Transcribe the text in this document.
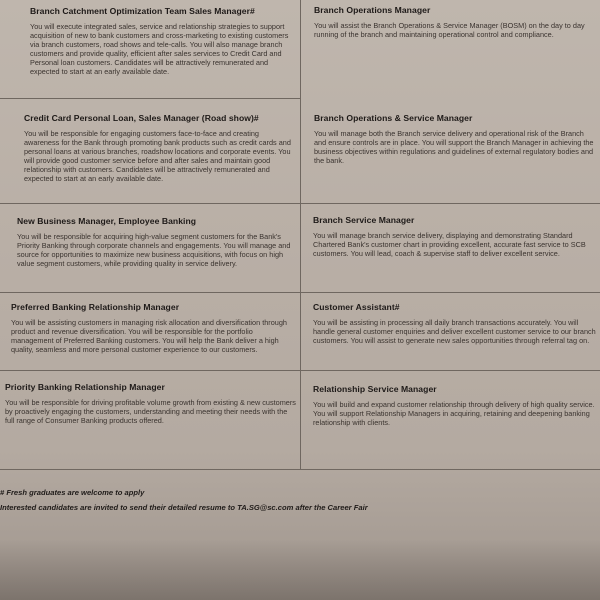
Branch Catchment Optimization Team Sales Manager#

You will execute integrated sales, service and relationship strategies to support acquisition of new to bank customers and cross-marketing to existing customers via branch customers, road shows and tele-calls. You will also manage branch customers and provide quality, efficient after sales services to Credit Card and Personal loan customers. Candidates will be attractively remunerated and expected to start at an early available date.

Branch Operations Manager

You will assist the Branch Operations & Service Manager (BOSM) on the day to day running of the branch and maintaining operational control and compliance.

Credit Card Personal Loan, Sales Manager (Road show)#

You will be responsible for engaging customers face-to-face and creating awareness for the Bank through promoting bank products such as credit cards and personal loans at various branches, roadshow locations and corporate events. You will provide good customer service before and after sales and maintain good relationship with customers. Candidates will be attractively remunerated and expected to start at an early available date.

Branch Operations & Service Manager

You will manage both the Branch service delivery and operational risk of the Branch and ensure controls are in place. You will support the Branch Manager in achieving the business objectives within regulations and guidelines of external regulatory bodies and the bank.

New Business Manager, Employee Banking

You will be responsible for acquiring high-value segment customers for the Bank's Priority Banking through corporate channels and engagements. You will manage and source for opportunities to maximize new business acquisitions, with focus on high value segment customers, while providing quality in service delivery.

Branch Service Manager

You will manage branch service delivery, displaying and demonstrating Standard Chartered Bank's customer chart in providing excellent, accurate fast service to SCB customers. You will lead, coach & supervise staff to deliver excellent service.

Preferred Banking Relationship Manager

You will be assisting customers in managing risk allocation and diversification through product and revenue diversification. You will be responsible for the portfolio management of Preferred Banking customers. You will help the Bank deliver a high quality, seamless and more personal customer experience to our customers.

Customer Assistant#

You will be assisting in processing all daily branch transactions accurately. You will handle general customer enquiries and deliver excellent customer service to our branch customers. You will assist to generate new sales opportunities through referral tag on.

Priority Banking Relationship Manager

You will be responsible for driving profitable volume growth from existing & new customers by proactively engaging the customers, understanding and meeting their needs with the full range of Consumer Banking products offered.

Relationship Service Manager

You will build and expand customer relationship through delivery of high quality service. You will support Relationship Managers in acquiring, retaining and deepening banking relationship with clients.

# Fresh graduates are welcome to apply
Interested candidates are invited to send their detailed resume to TA.SG@sc.com after the Career Fair
